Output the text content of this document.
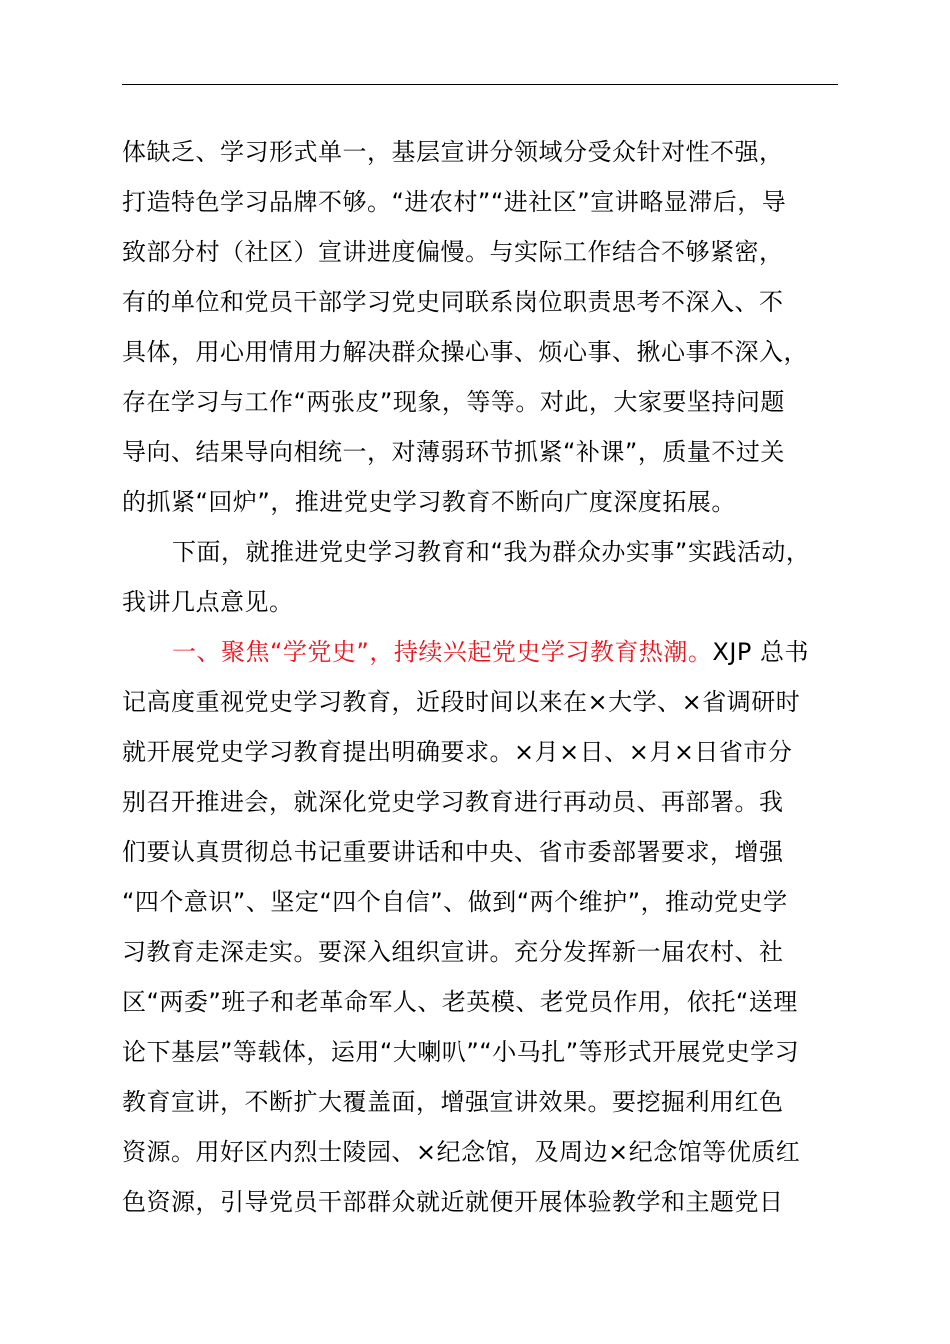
体缺乏、学习形式单一，基层宣讲分领域分受众针对性不强，
打造特色学习品牌不够。“进农村”“进社区”宣讲略显滞后，导
致部分村（社区）宣讲进度偏慢。与实际工作结合不够紧密，
有的单位和党员干部学习党史同联系岗位职责思考不深入、不
具体，用心用情用力解决群众操心事、烦心事、揪心事不深入，
存在学习与工作“两张皮”现象，等等。对此，大家要坚持问题
导向、结果导向相统一，对薄弱环节抓紧“补课”，质量不过关
的抓紧“回炉”，推进党史学习教育不断向广度深度拓展。
下面，就推进党史学习教育和“我为群众办实事”实践活动，
我讲几点意见。
一、聚焦“学党史”，持续兴起党史学习教育热潮。XJP 总书
记高度重视党史学习教育，近段时间以来在×大学、×省调研时
就开展党史学习教育提出明确要求。×月×日、×月×日省市分
别召开推进会，就深化党史学习教育进行再动员、再部署。我
们要认真贯彻总书记重要讲话和中央、省市委部署要求，增强
“四个意识”、坚定“四个自信”、做到“两个维护”，推动党史学
习教育走深走实。要深入组织宣讲。充分发挥新一届农村、社
区“两委”班子和老革命军人、老英模、老党员作用，依托“送理
论下基层”等载体，运用“大喇叭”“小马扎”等形式开展党史学习
教育宣讲，不断扩大覆盖面，增强宣讲效果。要挖掘利用红色
资源。用好区内烈士陵园、×纪念馆，及周边×纪念馆等优质红
色资源，引导党员干部群众就近就便开展体验教学和主题党日
